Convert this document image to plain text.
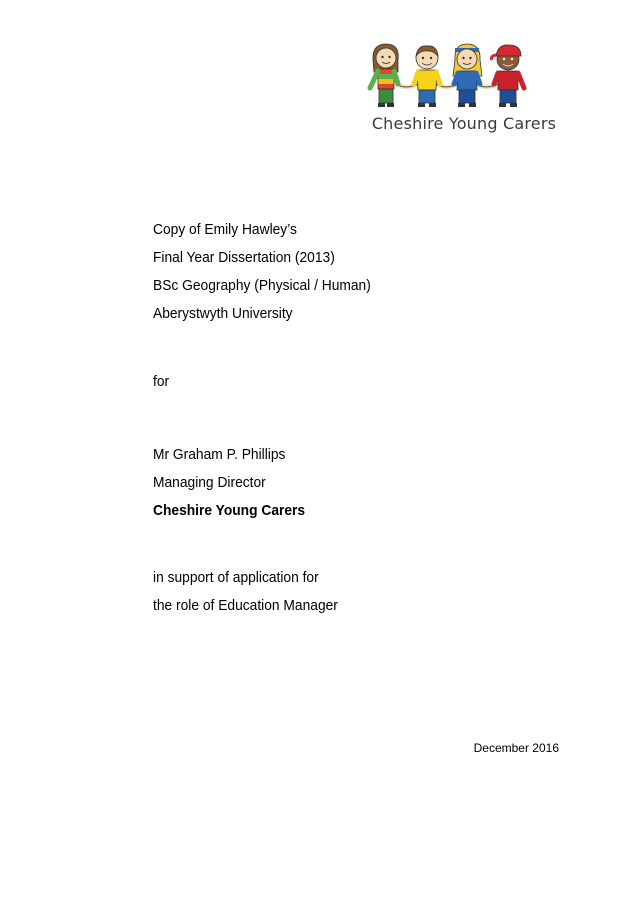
Cheshire Young Carers
Copy of Emily Hawley’s
Final Year Dissertation (2013)
BSc Geography (Physical / Human)
Aberystwyth University
for
Mr Graham P. Phillips
Managing Director
Cheshire Young Carers
in support of application for
the role of Education Manager
December 2016
